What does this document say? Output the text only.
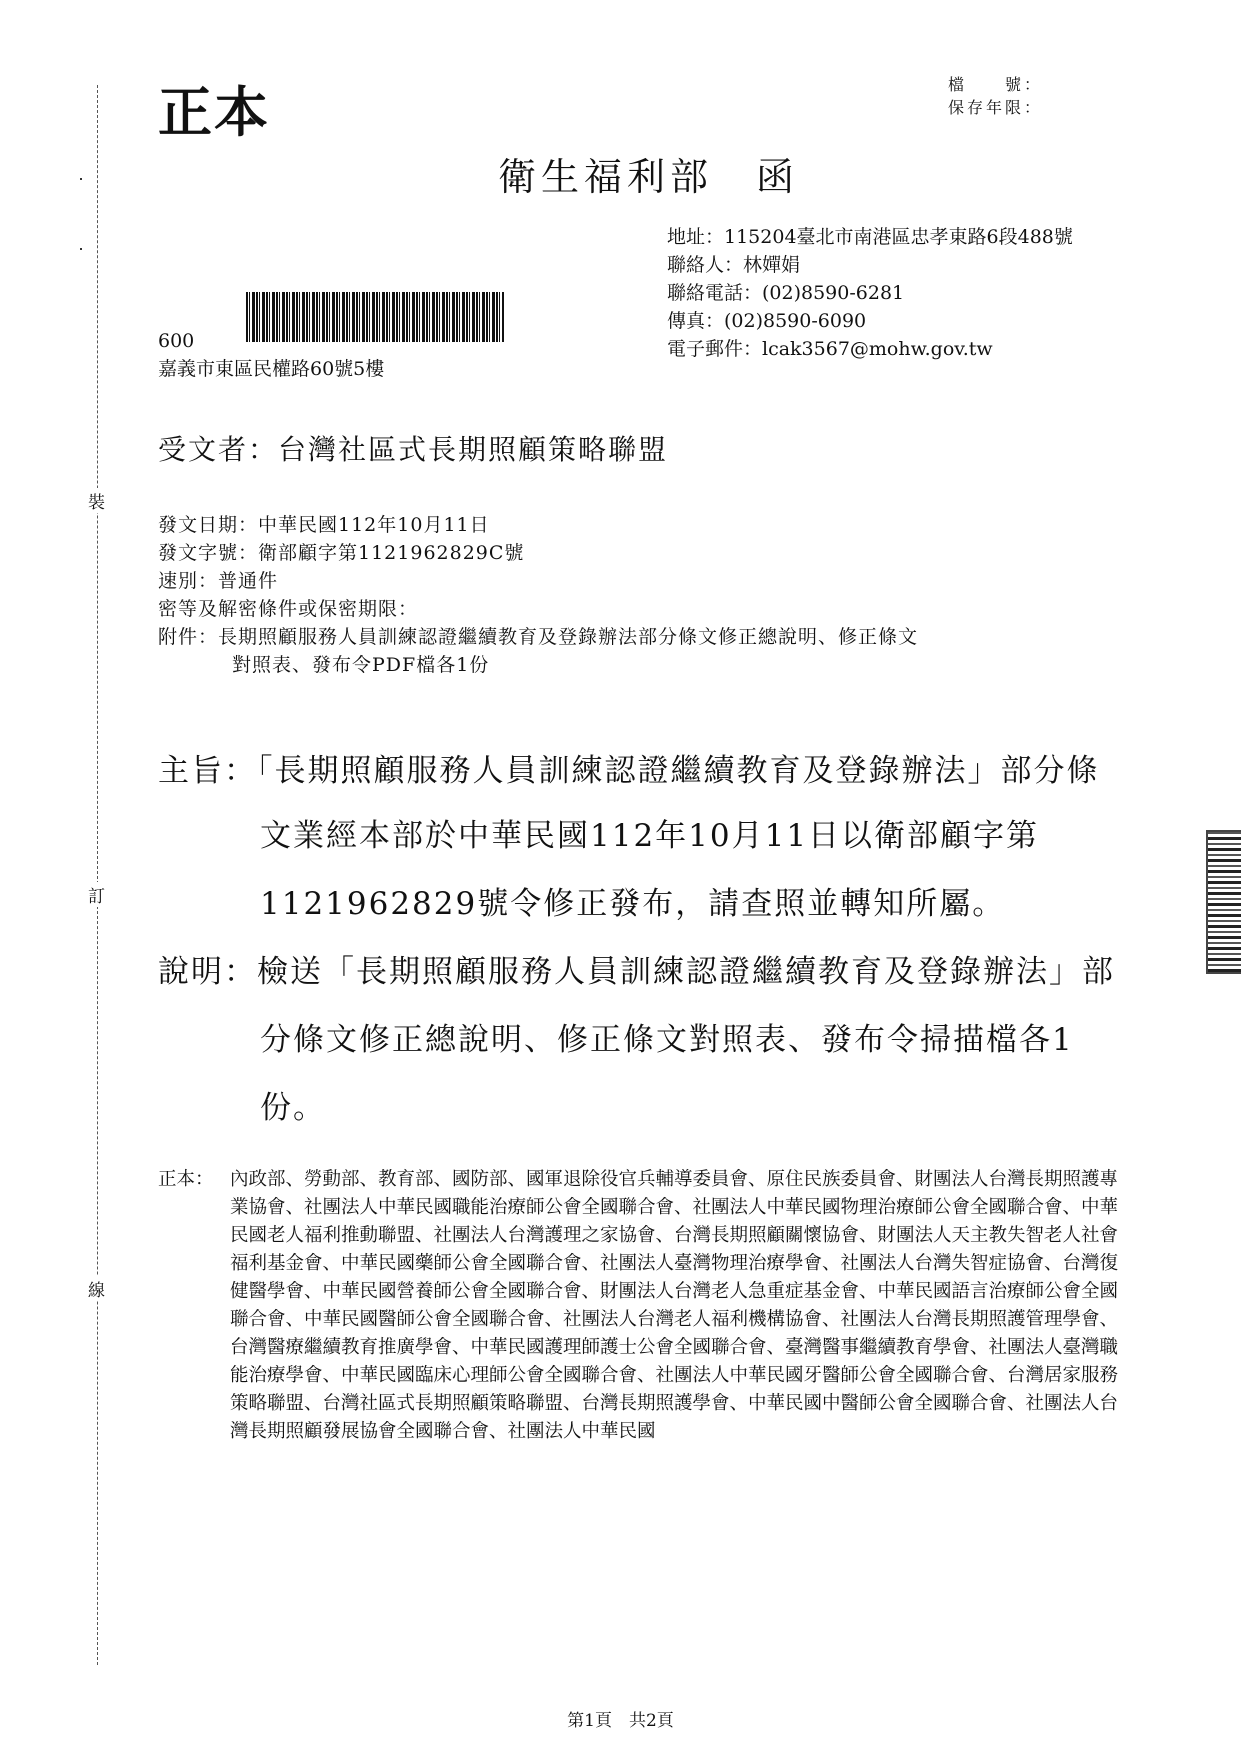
裝
訂
線
正本	檔　　號：
保存年限：
衛生福利部　函
地址：115204臺北市南港區忠孝東路6段488號
聯絡人：林嬋娟
聯絡電話：(02)8590-6281
傳真：(02)8590-6090
電子郵件：lcak3567@mohw.gov.tw
600
嘉義市東區民權路60號5樓
受文者：台灣社區式長期照顧策略聯盟
發文日期：中華民國112年10月11日
發文字號：衛部顧字第1121962829C號
速別：普通件
密等及解密條件或保密期限：
附件：長期照顧服務人員訓練認證繼續教育及登錄辦法部分條文修正總說明、修正條文
對照表、發布令PDF檔各1份
主旨：「長期照顧服務人員訓練認證繼續教育及登錄辦法」部分條
文業經本部於中華民國112年10月11日以衛部顧字第
1121962829號令修正發布，請查照並轉知所屬。
說明：檢送「長期照顧服務人員訓練認證繼續教育及登錄辦法」部
分條文修正總說明、修正條文對照表、發布令掃描檔各1
份。
正本： 內政部、勞動部、教育部、國防部、國軍退除役官兵輔導委員會、原住民族委員會、財團法人台灣長期照護專業協會、社團法人中華民國職能治療師公會全國聯合會、社團法人中華民國物理治療師公會全國聯合會、中華民國老人福利推動聯盟、社團法人台灣護理之家協會、台灣長期照顧關懷協會、財團法人天主教失智老人社會福利基金會、中華民國藥師公會全國聯合會、社團法人臺灣物理治療學會、社團法人台灣失智症協會、台灣復健醫學會、中華民國營養師公會全國聯合會、財團法人台灣老人急重症基金會、中華民國語言治療師公會全國聯合會、中華民國醫師公會全國聯合會、社團法人台灣老人福利機構協會、社團法人台灣長期照護管理學會、台灣醫療繼續教育推廣學會、中華民國護理師護士公會全國聯合會、臺灣醫事繼續教育學會、社團法人臺灣職能治療學會、中華民國臨床心理師公會全國聯合會、社團法人中華民國牙醫師公會全國聯合會、台灣居家服務策略聯盟、台灣社區式長期照顧策略聯盟、台灣長期照護學會、中華民國中醫師公會全國聯合會、社團法人台灣長期照顧發展協會全國聯合會、社團法人中華民國
第1頁　共2頁
